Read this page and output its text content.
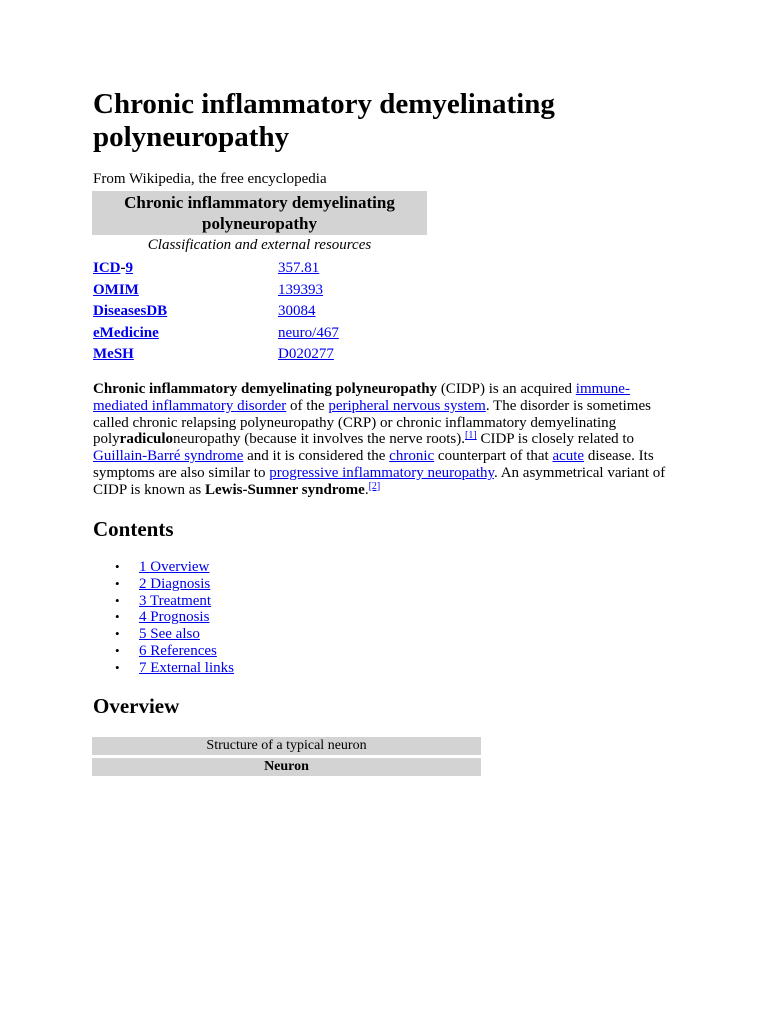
Chronic inflammatory demyelinating polyneuropathy
From Wikipedia, the free encyclopedia
Chronic inflammatory demyelinating polyneuropathy
Classification and external resources
ICD-9	357.81
OMIM	139393
DiseasesDB	30084
eMedicine	neuro/467
MeSH	D020277

Chronic inflammatory demyelinating polyneuropathy (CIDP) is an acquired immune-mediated inflammatory disorder of the peripheral nervous system. The disorder is sometimes called chronic relapsing polyneuropathy (CRP) or chronic inflammatory demyelinating polyradiculoneuropathy (because it involves the nerve roots).[1] CIDP is closely related to Guillain-Barré syndrome and it is considered the chronic counterpart of that acute disease. Its symptoms are also similar to progressive inflammatory neuropathy. An asymmetrical variant of CIDP is known as Lewis-Sumner syndrome.[2]

Contents
• 1 Overview
• 2 Diagnosis
• 3 Treatment
• 4 Prognosis
• 5 See also
• 6 References
• 7 External links
Overview
Structure of a typical neuron
Neuron
